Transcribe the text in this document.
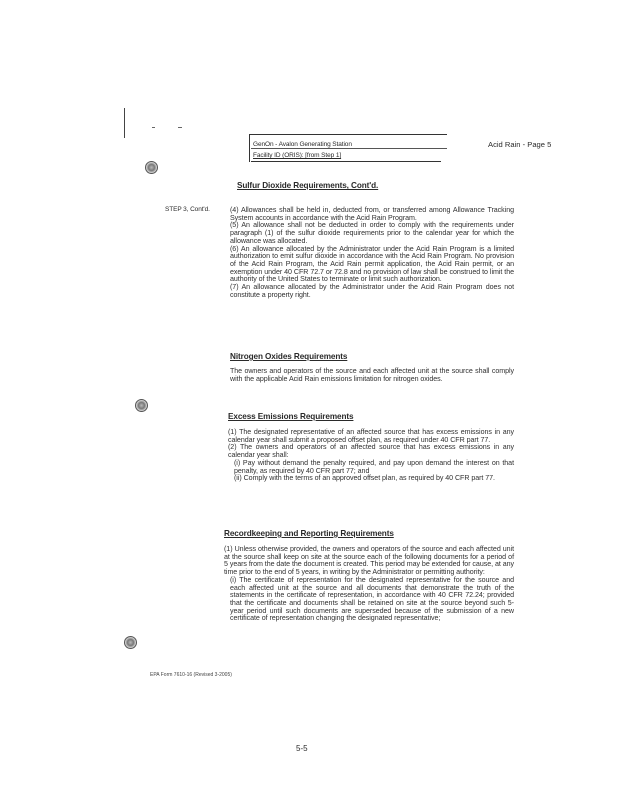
GenOn - Avalon Generating Station
Facility ID (ORIS): [from Step 1]
Acid Rain - Page 5
STEP 3, Cont'd.
Sulfur Dioxide Requirements, Cont'd.

(4) Allowances shall be held in, deducted from, or transferred among Allowance Tracking System accounts in accordance with the Acid Rain Program.

(5) An allowance shall not be deducted in order to comply with the requirements under paragraph (1) of the sulfur dioxide requirements prior to the calendar year for which the allowance was allocated.

(6) An allowance allocated by the Administrator under the Acid Rain Program is a limited authorization to emit sulfur dioxide in accordance with the Acid Rain Program. No provision of the Acid Rain Program, the Acid Rain permit application, the Acid Rain permit, or an exemption under 40 CFR 72.7 or 72.8 and no provision of law shall be construed to limit the authority of the United States to terminate or limit such authorization.

(7) An allowance allocated by the Administrator under the Acid Rain Program does not constitute a property right.

Nitrogen Oxides Requirements

The owners and operators of the source and each affected unit at the source shall comply with the applicable Acid Rain emissions limitation for nitrogen oxides.

Excess Emissions Requirements

(1) The designated representative of an affected source that has excess emissions in any calendar year shall submit a proposed offset plan, as required under 40 CFR part 77.

(2) The owners and operators of an affected source that has excess emissions in any calendar year shall:

(i) Pay without demand the penalty required, and pay upon demand the interest on that penalty, as required by 40 CFR part 77; and

(ii) Comply with the terms of an approved offset plan, as required by 40 CFR part 77.

Recordkeeping and Reporting Requirements

(1) Unless otherwise provided, the owners and operators of the source and each affected unit at the source shall keep on site at the source each of the following documents for a period of 5 years from the date the document is created. This period may be extended for cause, at any time prior to the end of 5 years, in writing by the Administrator or permitting authority:

(i) The certificate of representation for the designated representative for the source and each affected unit at the source and all documents that demonstrate the truth of the statements in the certificate of representation, in accordance with 40 CFR 72.24; provided that the certificate and documents shall be retained on site at the source beyond such 5-year period until such documents are superseded because of the submission of a new certificate of representation changing the designated representative;

EPA Form 7610-16 (Revised 3-2005)
5-5
